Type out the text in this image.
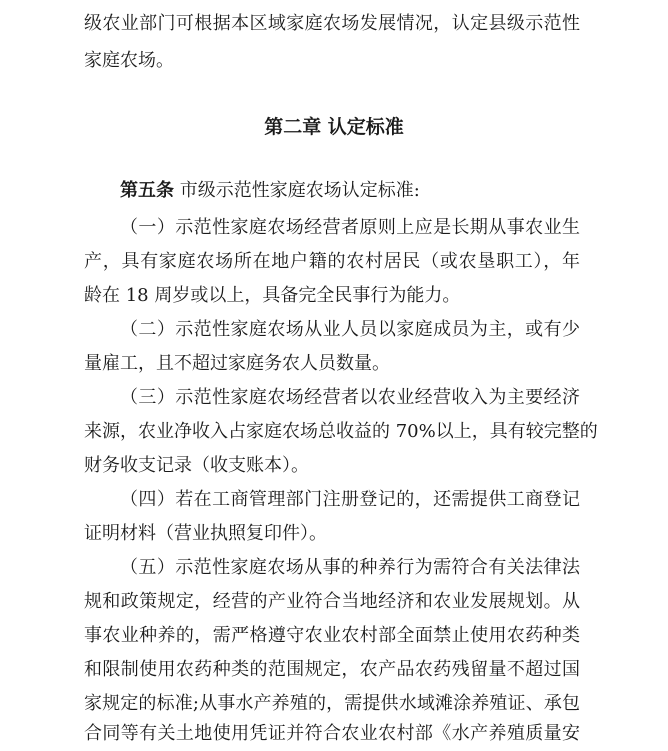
级农业部门可根据本区域家庭农场发展情况，认定县级示范性
家庭农场。
第二章 认定标准
第五条 市级示范性家庭农场认定标准:
（一）示范性家庭农场经营者原则上应是长期从事农业生
产，具有家庭农场所在地户籍的农村居民（或农垦职工），年
龄在 18 周岁或以上，具备完全民事行为能力。
（二）示范性家庭农场从业人员以家庭成员为主，或有少
量雇工，且不超过家庭务农人员数量。
（三）示范性家庭农场经营者以农业经营收入为主要经济
来源，农业净收入占家庭农场总收益的 70%以上，具有较完整的
财务收支记录（收支账本）。
（四）若在工商管理部门注册登记的，还需提供工商登记
证明材料（营业执照复印件）。
（五）示范性家庭农场从事的种养行为需符合有关法律法
规和政策规定，经营的产业符合当地经济和农业发展规划。从
事农业种养的，需严格遵守农业农村部全面禁止使用农药种类
和限制使用农药种类的范围规定，农产品农药残留量不超过国
家规定的标准;从事水产养殖的，需提供水域滩涂养殖证、承包
合同等有关土地使用凭证并符合农业农村部《水产养殖质量安
